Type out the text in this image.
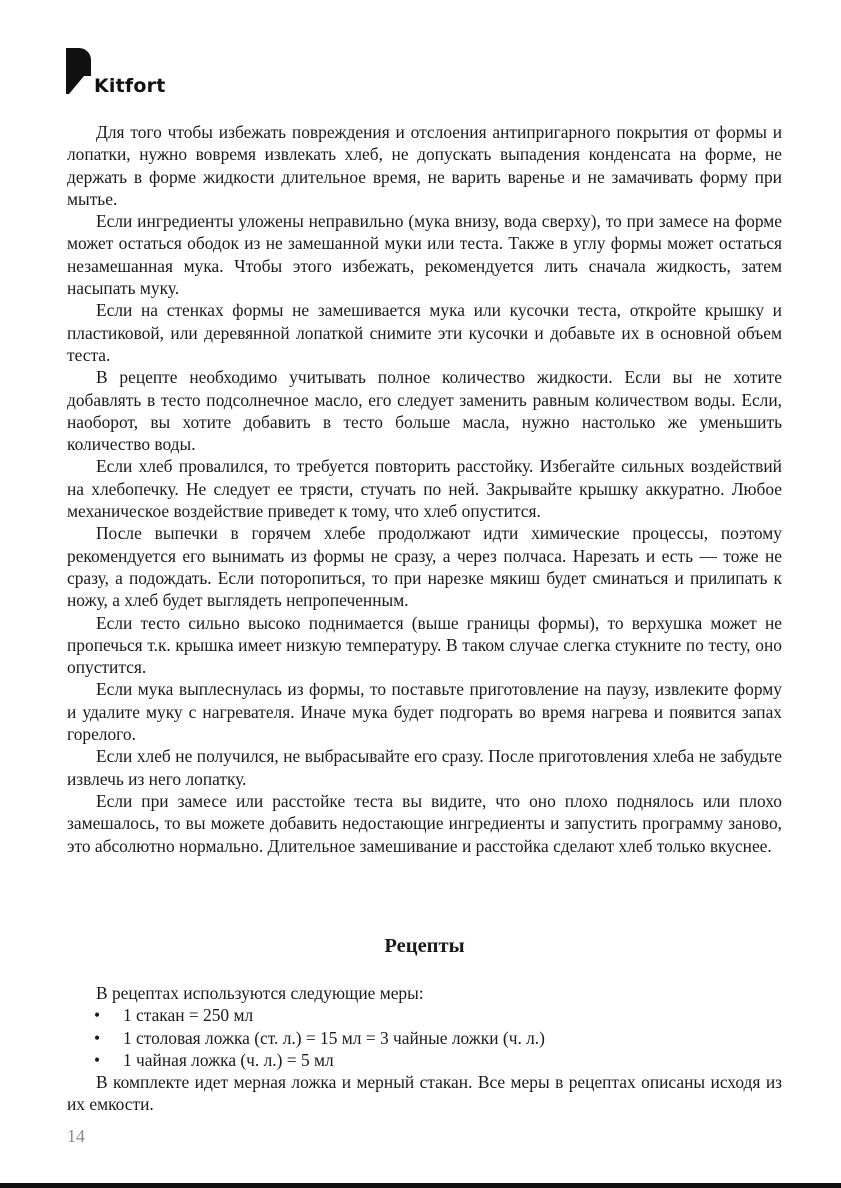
Kitfort

Для того чтобы избежать повреждения и отслоения антипригарного покрытия от формы и лопатки, нужно вовремя извлекать хлеб, не допускать выпадения конденсата на форме, не держать в форме жидкости длительное время, не варить варенье и не замачивать форму при мытье.

Если ингредиенты уложены неправильно (мука внизу, вода сверху), то при замесе на форме может остаться ободок из не замешанной муки или теста. Также в углу формы может остаться незамешанная мука. Чтобы этого избежать, рекомендуется лить сначала жидкость, затем насыпать муку.

Если на стенках формы не замешивается мука или кусочки теста, откройте крышку и пластиковой, или деревянной лопаткой снимите эти кусочки и добавьте их в основной объем теста.

В рецепте необходимо учитывать полное количество жидкости. Если вы не хотите добавлять в тесто подсолнечное масло, его следует заменить равным количеством воды. Если, наоборот, вы хотите добавить в тесто больше масла, нужно настолько же уменьшить количество воды.

Если хлеб провалился, то требуется повторить расстойку. Избегайте сильных воздействий на хлебопечку. Не следует ее трясти, стучать по ней. Закрывайте крышку аккуратно. Любое механическое воздействие приведет к тому, что хлеб опустится.

После выпечки в горячем хлебе продолжают идти химические процессы, поэтому рекомендуется его вынимать из формы не сразу, а через полчаса. Нарезать и есть — тоже не сразу, а подождать. Если поторопиться, то при нарезке мякиш будет сминаться и прилипать к ножу, а хлеб будет выглядеть непропеченным.

Если тесто сильно высоко поднимается (выше границы формы), то верхушка может не пропечься т.к. крышка имеет низкую температуру. В таком случае слегка стукните по тесту, оно опустится.

Если мука выплеснулась из формы, то поставьте приготовление на паузу, извлеките форму и удалите муку с нагревателя. Иначе мука будет подгорать во время нагрева и появится запах горелого.

Если хлеб не получился, не выбрасывайте его сразу. После приготовления хлеба не забудьте извлечь из него лопатку.

Если при замесе или расстойке теста вы видите, что оно плохо поднялось или плохо замешалось, то вы можете добавить недостающие ингредиенты и запустить программу заново, это абсолютно нормально. Длительное замешивание и расстойка сделают хлеб только вкуснее.

Рецепты

В рецептах используются следующие меры:

• 1 стакан = 250 мл
• 1 столовая ложка (ст. л.) = 15 мл = 3 чайные ложки (ч. л.)
• 1 чайная ложка (ч. л.) = 5 мл

В комплекте идет мерная ложка и мерный стакан. Все меры в рецептах описаны исходя из их емкости.

14
